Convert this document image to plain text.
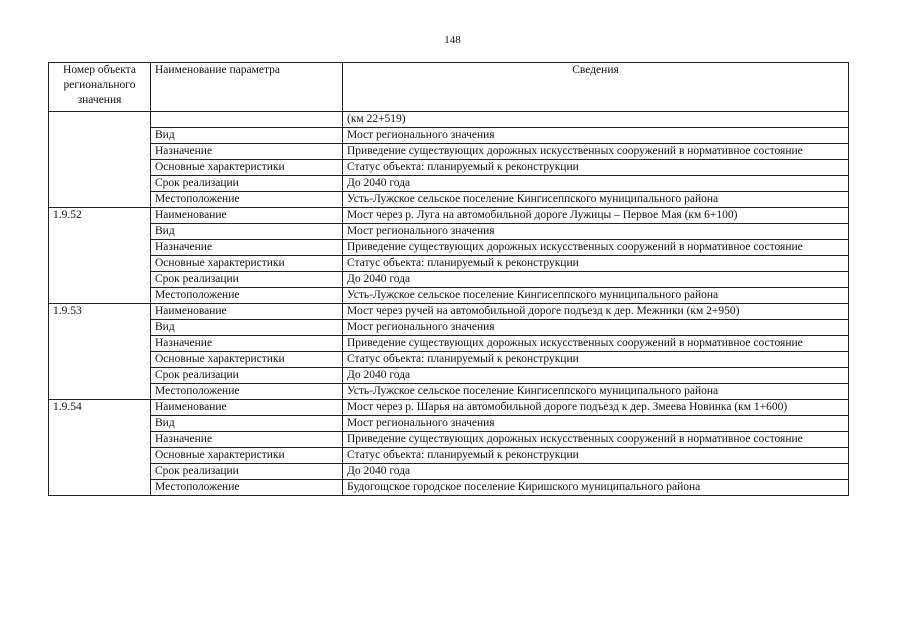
148
Номер объекта регионального значения	Наименование параметра	Сведения
		(км 22+519)
	Вид	Мост регионального значения
	Назначение	Приведение существующих дорожных искусственных сооружений в нормативное состояние
	Основные характеристики	Статус объекта: планируемый к реконструкции
	Срок реализации	До 2040 года
	Местоположение	Усть-Лужское сельское поселение Кингисеппского муниципального района
1.9.52	Наименование	Мост через р. Луга на автомобильной дороге Лужицы – Первое Мая (км 6+100)
	Вид	Мост регионального значения
	Назначение	Приведение существующих дорожных искусственных сооружений в нормативное состояние
	Основные характеристики	Статус объекта: планируемый к реконструкции
	Срок реализации	До 2040 года
	Местоположение	Усть-Лужское сельское поселение Кингисеппского муниципального района
1.9.53	Наименование	Мост через ручей на автомобильной дороге подъезд к дер. Межники (км 2+950)
	Вид	Мост регионального значения
	Назначение	Приведение существующих дорожных искусственных сооружений в нормативное состояние
	Основные характеристики	Статус объекта: планируемый к реконструкции
	Срок реализации	До 2040 года
	Местоположение	Усть-Лужское сельское поселение Кингисеппского муниципального района
1.9.54	Наименование	Мост через р. Шарья на автомобильной дороге подъезд к дер. Змеева Новинка (км 1+600)
	Вид	Мост регионального значения
	Назначение	Приведение существующих дорожных искусственных сооружений в нормативное состояние
	Основные характеристики	Статус объекта: планируемый к реконструкции
	Срок реализации	До 2040 года
	Местоположение	Будогощское городское поселение Киришского муниципального района
